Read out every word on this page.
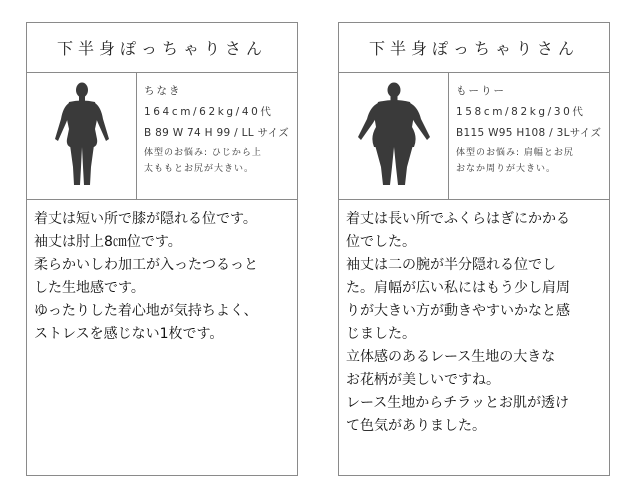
下半身ぽっちゃりさん
ちなき
164cm/62kg/40代
B 89 W 74 H 99 / LL サイズ
体型のお悩み: ひじから上
太ももとお尻が大きい。

着丈は短い所で膝が隠れる位です。

袖丈は肘上8㎝位です。

柔らかいしわ加工が入ったつるっと

した生地感です。

ゆったりした着心地が気持ちよく、

ストレスを感じない1枚です。

下半身ぽっちゃりさん
もーりー
158cm/82kg/30代
B115 W95 H108 / 3Lサイズ
体型のお悩み: 肩幅とお尻
おなか周りが大きい。

着丈は長い所でふくらはぎにかかる

位でした。

袖丈は二の腕が半分隠れる位でし

た。肩幅が広い私にはもう少し肩周

りが大きい方が動きやすいかなと感

じました。

立体感のあるレース生地の大きな

お花柄が美しいですね。

レース生地からチラッとお肌が透け

て色気がありました。
